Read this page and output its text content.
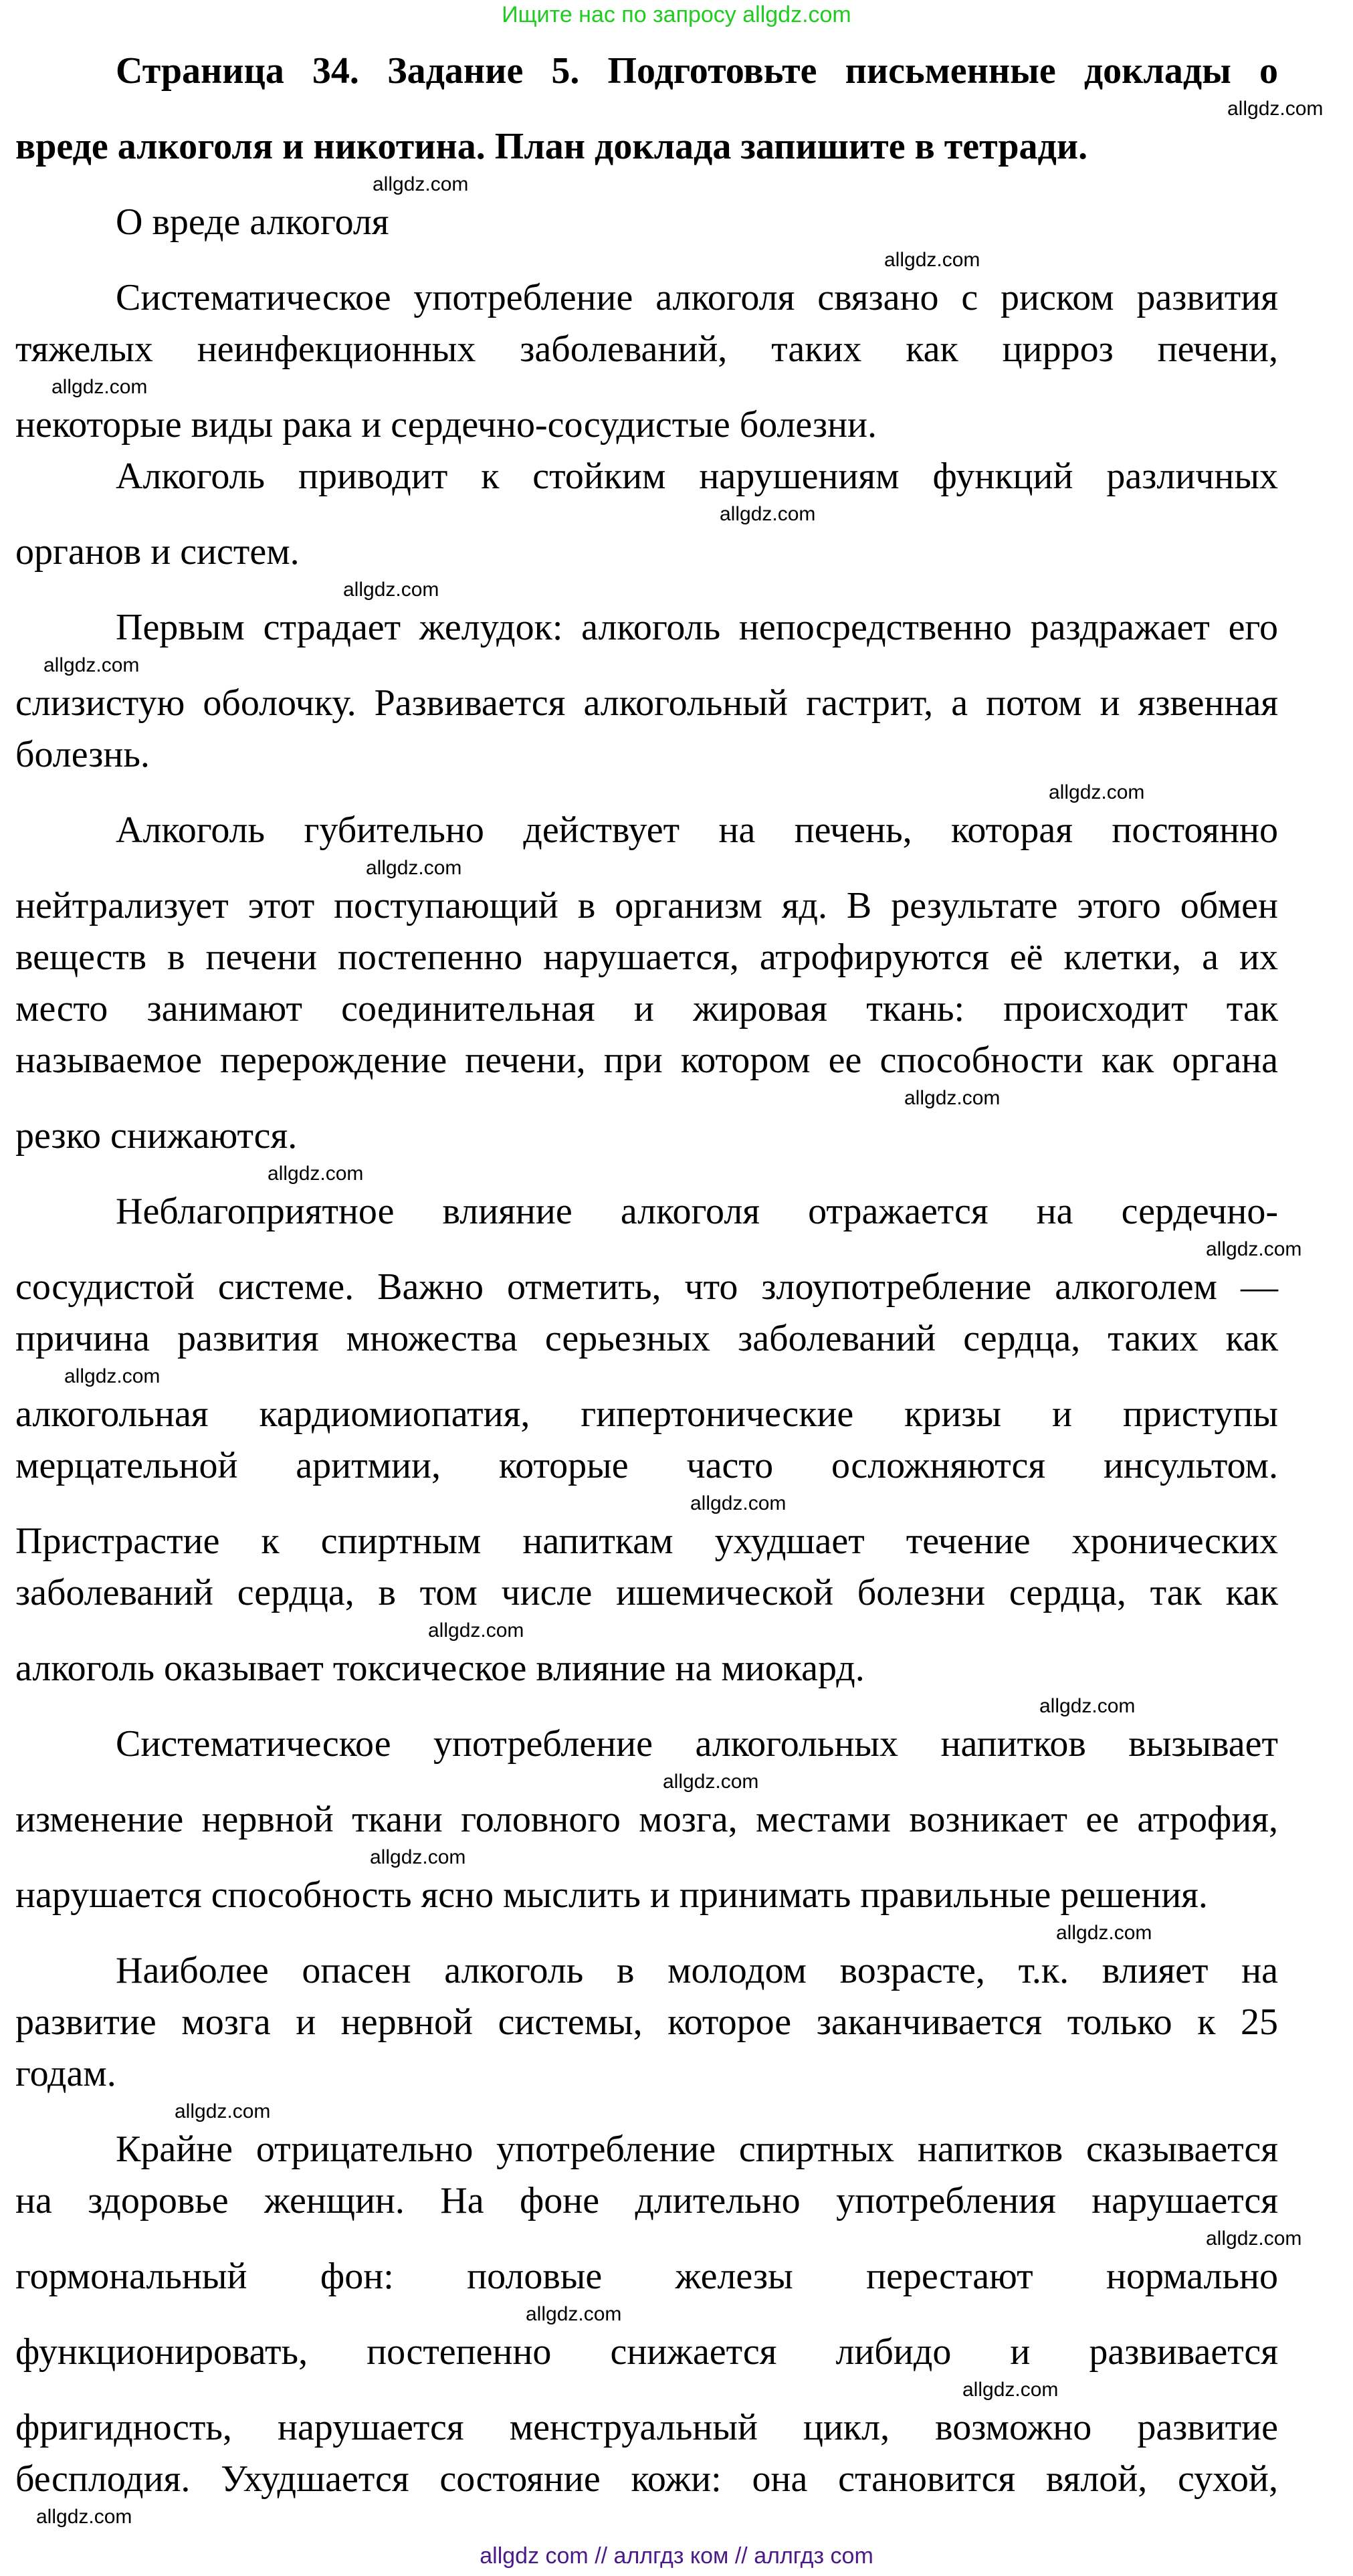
Ищите нас по запросу allgdz.com
Страница 34. Задание 5. Подготовьте письменные доклады о
allgdz.com
вреде алкоголя и никотина. План доклада запишите в тетради.
allgdz.com
О вреде алкоголя
allgdz.com
Систематическое употребление алкоголя связано с риском развития
тяжелых неинфекционных заболеваний, таких как цирроз печени,
allgdz.com
некоторые виды рака и сердечно-сосудистые болезни.
Алкоголь приводит к стойким нарушениям функций различных
allgdz.com
органов и систем.
allgdz.com
Первым страдает желудок: алкоголь непосредственно раздражает его
allgdz.com
слизистую оболочку. Развивается алкогольный гастрит, а потом и язвенная
болезнь.
allgdz.com
Алкоголь губительно действует на печень, которая постоянно
allgdz.com
нейтрализует этот поступающий в организм яд. В результате этого обмен
веществ в печени постепенно нарушается, атрофируются её клетки, а их
место занимают соединительная и жировая ткань: происходит так
называемое перерождение печени, при котором ее способности как органа
allgdz.com
резко снижаются.
allgdz.com
Неблагоприятное влияние алкоголя отражается на сердечно-
allgdz.com
сосудистой системе. Важно отметить, что злоупотребление алкоголем —
причина развития множества серьезных заболеваний сердца, таких как
allgdz.com
алкогольная кардиомиопатия, гипертонические кризы и приступы
мерцательной аритмии, которые часто осложняются инсультом.
allgdz.com
Пристрастие к спиртным напиткам ухудшает течение хронических
заболеваний сердца, в том числе ишемической болезни сердца, так как
allgdz.com
алкоголь оказывает токсическое влияние на миокард.
allgdz.com
Систематическое употребление алкогольных напитков вызывает
allgdz.com
изменение нервной ткани головного мозга, местами возникает ее атрофия,
allgdz.com
нарушается способность ясно мыслить и принимать правильные решения.
allgdz.com
Наиболее опасен алкоголь в молодом возрасте, т.к. влияет на
развитие мозга и нервной системы, которое заканчивается только к 25
годам.
allgdz.com
Крайне отрицательно употребление спиртных напитков сказывается
на здоровье женщин. На фоне длительно употребления нарушается
allgdz.com
гормональный фон: половые железы перестают нормально
allgdz.com
функционировать, постепенно снижается либидо и развивается
allgdz.com
фригидность, нарушается менструальный цикл, возможно развитие
бесплодия. Ухудшается состояние кожи: она становится вялой, сухой,
allgdz.com
allgdz com // аллгдз ком // аллгдз com
